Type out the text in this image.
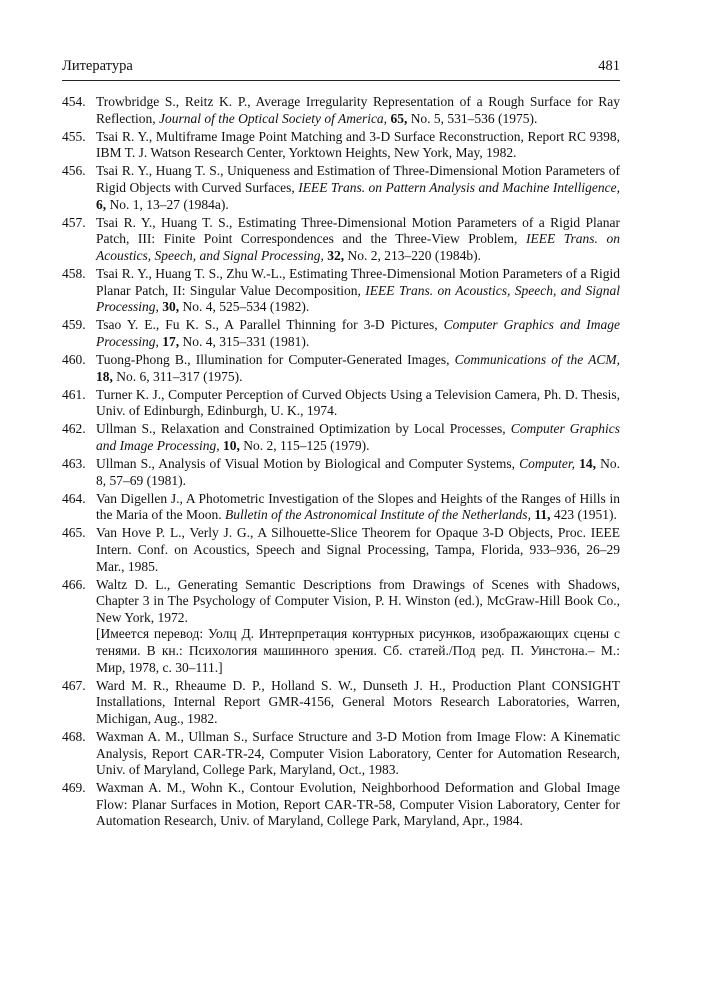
Литература	481
454. Trowbridge S., Reitz K. P., Average Irregularity Representation of a Rough Surface for Ray Reflection, Journal of the Optical Society of America, 65, No. 5, 531–536 (1975).
455. Tsai R. Y., Multiframe Image Point Matching and 3-D Surface Reconstruction, Report RC 9398, IBM T. J. Watson Research Center, Yorktown Heights, New York, May, 1982.
456. Tsai R. Y., Huang T. S., Uniqueness and Estimation of Three-Dimensional Motion Parameters of Rigid Objects with Curved Surfaces, IEEE Trans. on Pattern Analysis and Machine Intelligence, 6, No. 1, 13–27 (1984a).
457. Tsai R. Y., Huang T. S., Estimating Three-Dimensional Motion Parameters of a Rigid Planar Patch, III: Finite Point Correspondences and the Three-View Problem, IEEE Trans. on Acoustics, Speech, and Signal Processing, 32, No. 2, 213–220 (1984b).
458. Tsai R. Y., Huang T. S., Zhu W.-L., Estimating Three-Dimensional Motion Parameters of a Rigid Planar Patch, II: Singular Value Decomposition, IEEE Trans. on Acoustics, Speech, and Signal Processing, 30, No. 4, 525–534 (1982).
459. Tsao Y. E., Fu K. S., A Parallel Thinning for 3-D Pictures, Computer Graphics and Image Processing, 17, No. 4, 315–331 (1981).
460. Tuong-Phong B., Illumination for Computer-Generated Images, Communications of the ACM, 18, No. 6, 311–317 (1975).
461. Turner K. J., Computer Perception of Curved Objects Using a Television Camera, Ph. D. Thesis, Univ. of Edinburgh, Edinburgh, U. K., 1974.
462. Ullman S., Relaxation and Constrained Optimization by Local Processes, Computer Graphics and Image Processing, 10, No. 2, 115–125 (1979).
463. Ullman S., Analysis of Visual Motion by Biological and Computer Systems, Computer, 14, No. 8, 57–69 (1981).
464. Van Digellen J., A Photometric Investigation of the Slopes and Heights of the Ranges of Hills in the Maria of the Moon. Bulletin of the Astronomical Institute of the Netherlands, 11, 423 (1951).
465. Van Hove P. L., Verly J. G., A Silhouette-Slice Theorem for Opaque 3-D Objects, Proc. IEEE Intern. Conf. on Acoustics, Speech and Signal Processing, Tampa, Florida, 933–936, 26–29 Mar., 1985.
466. Waltz D. L., Generating Semantic Descriptions from Drawings of Scenes with Shadows, Chapter 3 in The Psychology of Computer Vision, P. H. Winston (ed.), McGraw-Hill Book Co., New York, 1972.
[Имеется перевод: Уолц Д. Интерпретация контурных рисунков, изображающих сцены с тенями. В кн.: Психология машинного зрения. Сб. статей./Под ред. П. Уинстона.– М.: Мир, 1978, с. 30–111.]
467. Ward M. R., Rheaume D. P., Holland S. W., Dunseth J. H., Production Plant CONSIGHT Installations, Internal Report GMR-4156, General Motors Research Laboratories, Warren, Michigan, Aug., 1982.
468. Waxman A. M., Ullman S., Surface Structure and 3-D Motion from Image Flow: A Kinematic Analysis, Report CAR-TR-24, Computer Vision Laboratory, Center for Automation Research, Univ. of Maryland, College Park, Maryland, Oct., 1983.
469. Waxman A. M., Wohn K., Contour Evolution, Neighborhood Deformation and Global Image Flow: Planar Surfaces in Motion, Report CAR-TR-58, Computer Vision Laboratory, Center for Automation Research, Univ. of Maryland, College Park, Maryland, Apr., 1984.
